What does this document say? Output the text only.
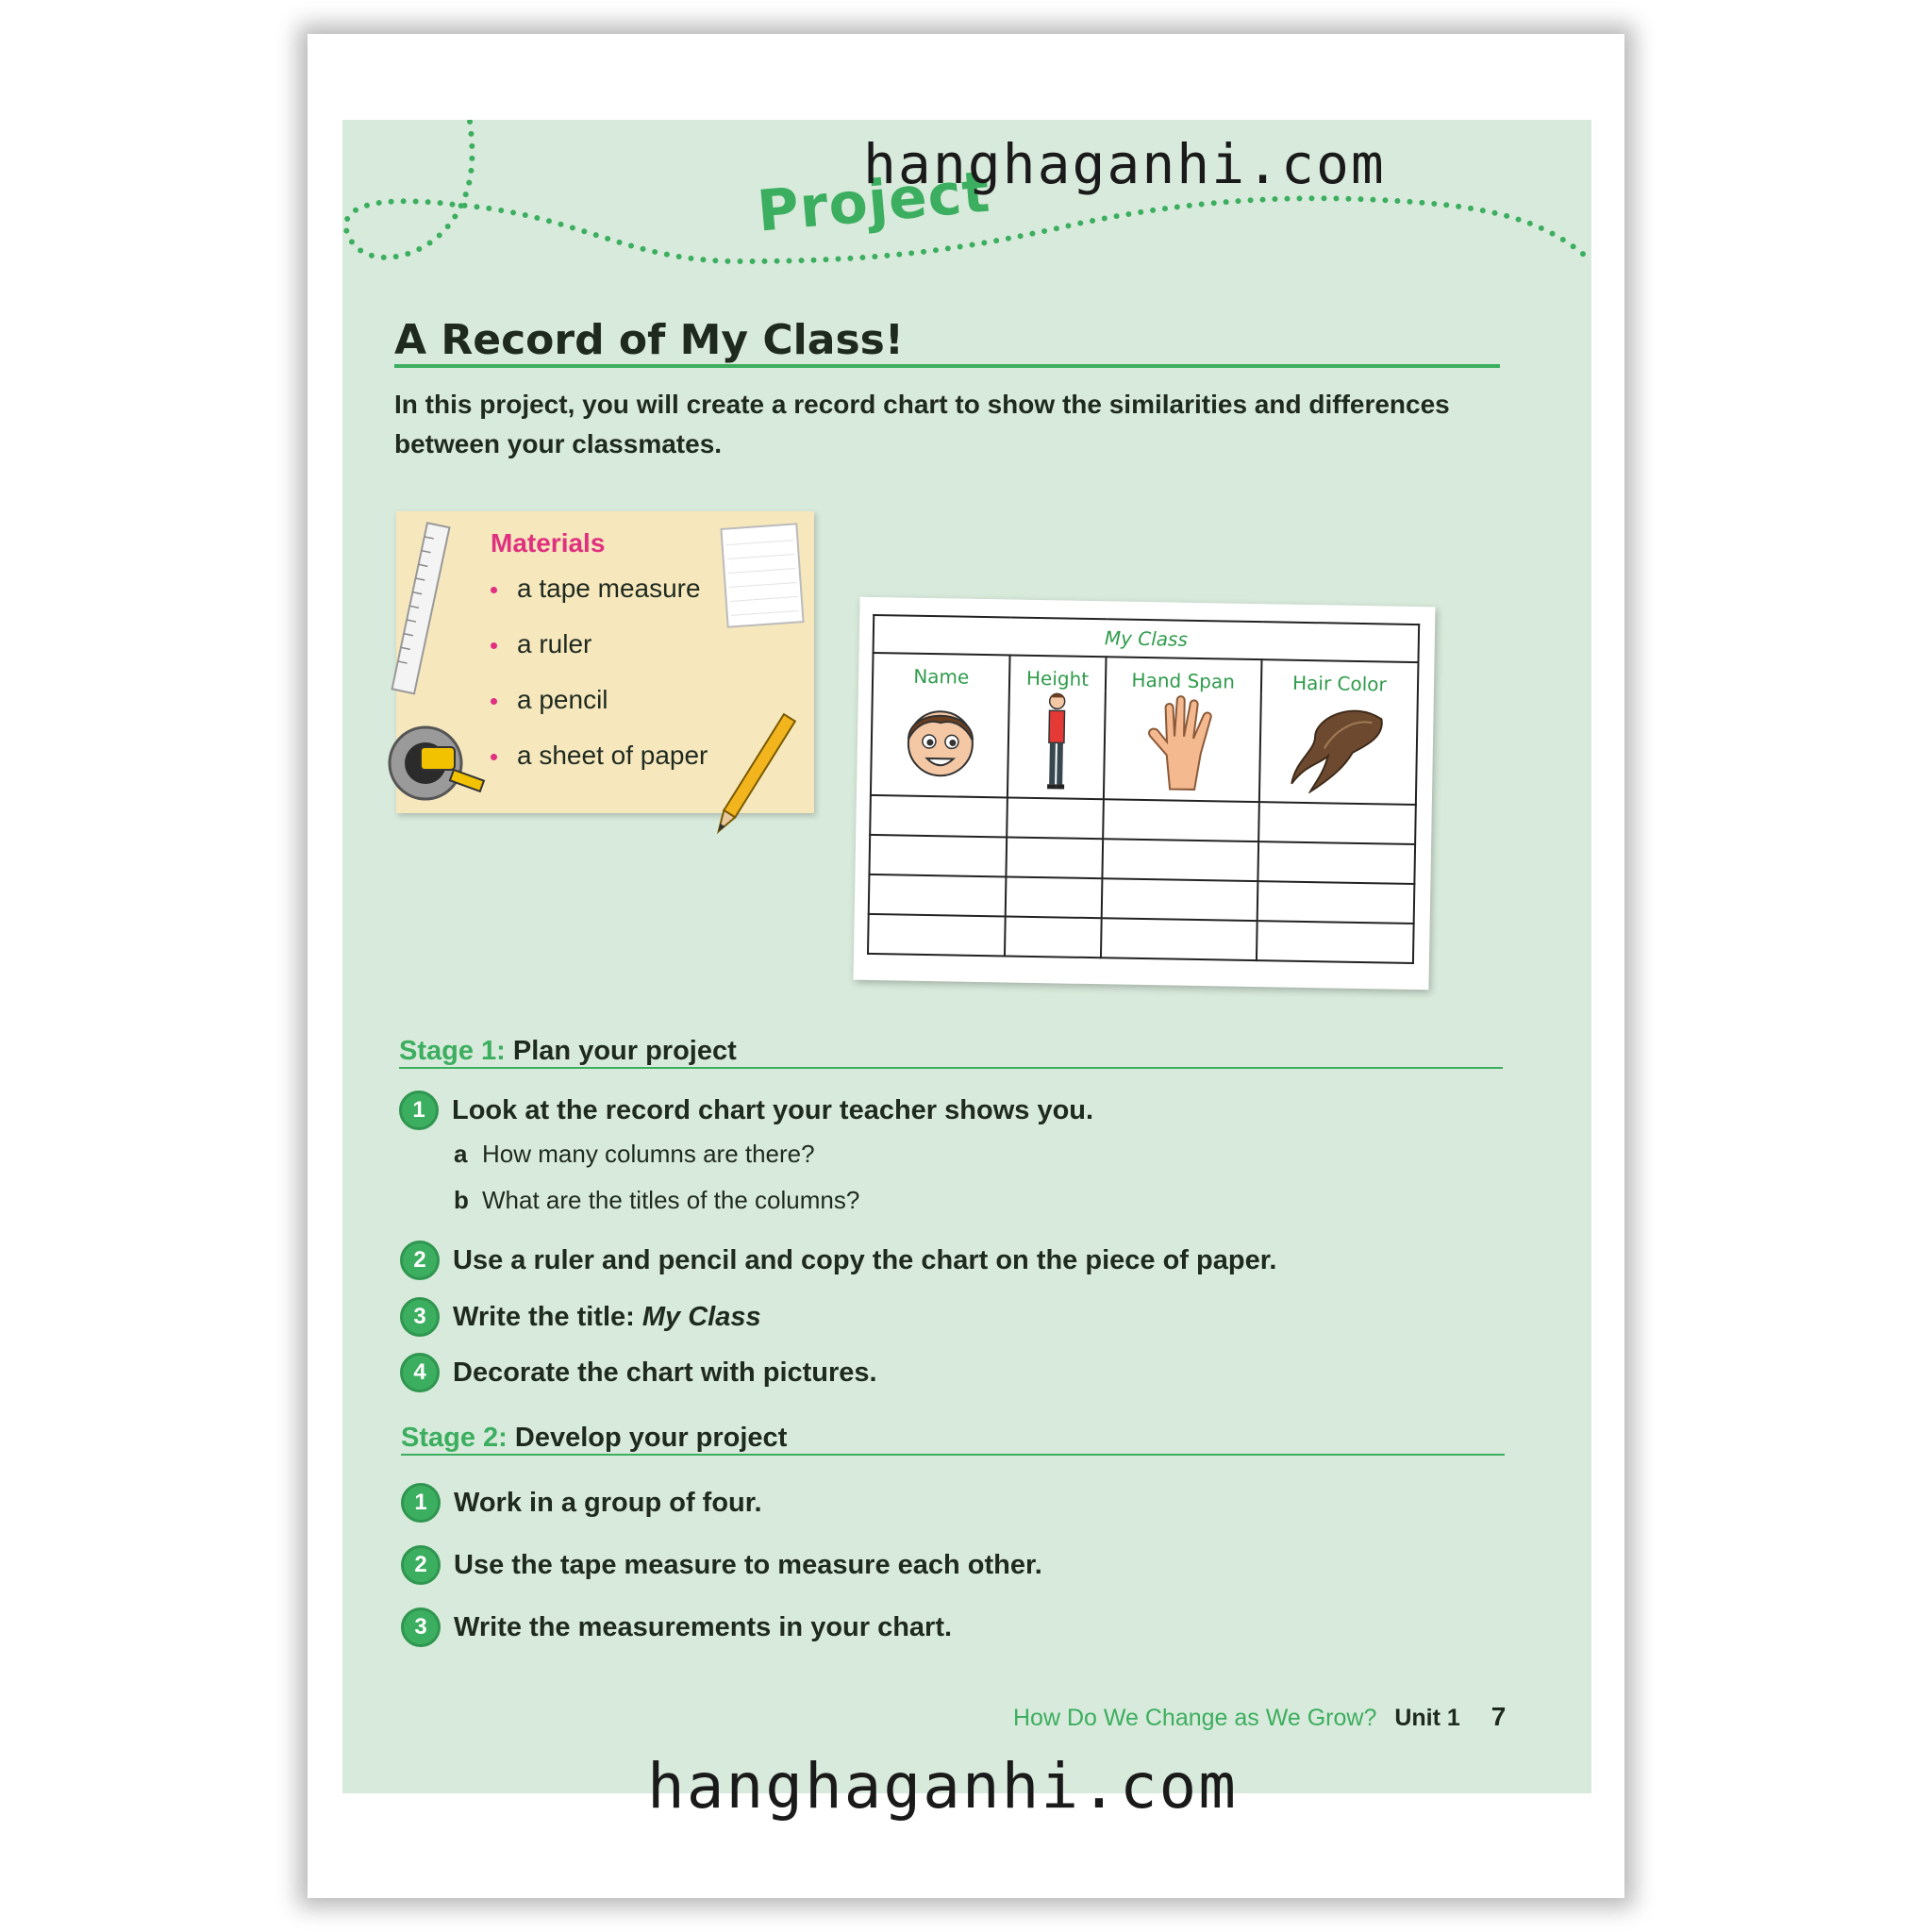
Project
hanghaganhi.com
A Record of My Class!
In this project, you will create a record chart to show the similarities and differences between your classmates.
Materials
a tape measure
a ruler
a pencil
a sheet of paper
My Class			
Name	Height	Hand Span	Hair Color

Stage 1: Plan your project
1 Look at the record chart your teacher shows you.
a How many columns are there?
b What are the titles of the columns?
2 Use a ruler and pencil and copy the chart on the piece of paper.
3 Write the title:
My Class
4 Decorate the chart with pictures.
Stage 2: Develop your project
1 Work in a group of four.
2 Use the tape measure to measure each other.
3 Write the measurements in your chart.
How Do We Change as We Grow? Unit 1 7
hanghaganhi.com
